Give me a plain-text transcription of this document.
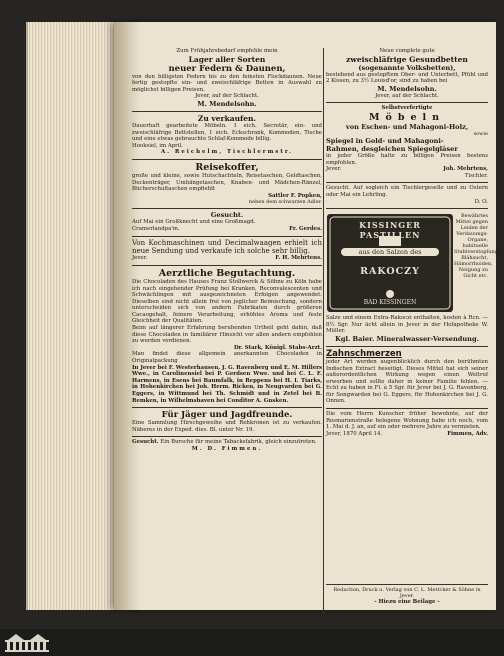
Zum Frühjahrsbedarf empfehle mein
Lager aller Sorten
neuer Federn & Daunen,
von den billigsten Federn bis zu den feinsten Flockdaunen. Neue fertig gestopfte ein- und zweischläfrige Betten in Auswahl zu möglichst billigen Preisen.
Jever, auf der Schlacht.
M. Mendelsohn.
Zu verkaufen.
Dauerhaft gearbeitete Möbeln. 1 eich. Secretär, ein- und zweischläfrige Bettstellen, 1 eich. Eckschrank, Kommoden, Tische und eine etwas gebrauchte Schlaf-Kommode billig.
Hooksiel, im April.
A. Reichelm, Tischlermstr.
Reisekoffer,
große und kleine, sowie Hutschachteln, Reisetaschen, Geldtaschen, Deckenträger, Umhängetaschen, Knaben- und Mädchen-Ränzel, Bücherschultaschen empfiehlt
Sattler F. Popken,
neben dem schwarzen Adler.
Gesucht.
Auf Mai ein Großknecht und eine Großmagd.
Cramerlandpa'm.	Fr. Gerdes.
Von Kochmaschinen und Decimalwaagen erhielt ich neue Sendung und verkaufe ich solche sehr billig.
Jever.	F. H. Mehrtens.
Aerztliche Begutachtung.
Die Chocoladen des Hauses Franz Stollwerck & Söhne zu Köln habe ich nach eingehender Prüfung bei Kranken, Reconvalescenten und Schwächlingen mit ausgezeichneten Erfolgen angewendet. Dieselben sind nicht allein frei von jeglicher Beimischung, sondern unterscheiden sich von andern Fabrikaten durch größeren Cacaogehalt, feinere Verarbeitung, erhöhtes Aroma und feste Gleichheit der Qualitäten.
Beim auf längerer Erfahrung beruhenden Urtheil geht dahin, daß diese Chocoladen in familiärer Hinsicht vor allen andern empfohlen zu werden verdienen.
Dr. Stark, Königl. Stabs-Arzt.
Man findet diese allgemein anerkannten Chocoladen in Originalpackung
In Jever bei F. Westerhausen, J. G. Ravenberg und E. M. Hillers Wwe., in Carolinensiel bei P. Gerdsen Wwe. und bei C. L. F. Harmens, in Esens bei Baumfalk, in Reppens bei H. I. Tiarks, in Hohenkirchen bei Joh. Herm. Ricken, in Neugvarden bei G. Eggers, in Wittmund bei Th. Schmidt und in Zetel bei B. Remken, in Wilhelmshaven bei Conditor A. Gnsken.
Für Jäger und Jagdfreunde.
Eine Sammlung Hirschgeweihe und Rehkronen ist zu verkaufen. Näheres in der Exped. dies. Bl. unter Nr. 19.
Gesucht. Ein Bursche für meine Tabacksfabrik, gleich einzutreten.
M. D. Fimmen.
Neue complete gute
zweischläfrige Gesundbetten
(sogenannte Volksbetten),
bestehend aus gestopftem Ober- und Unterbett, Pfühl und 2 Kissen, zu 3½ Louisd'or, sind zu haben bei
M. Mendelsohn.
Jever, auf der Schlacht.
Selbstverfertigte
Möbeln
von Eschen- und Mahagoni-Holz,
sowie
Spiegel in Gold- und Mahagoni-
Rahmen, desgleichen Spiegelgläser
in jeder Größe halte zu billigen Preisen bestens empfohlen.
Jever.	Joh. Mehrtens,
Tischler.
Gesucht. Auf sogleich ein Tischlergeselle und zu Ostern oder Mai ein Lehrling.
D. O.
KISSINGER PASTILLEN
aus den Salzen des
RAKOCZY
BAD KISSINGEN
Bewährtes Mittel gegen Leiden der Verdauungs-Organe, habituelle Stuhlverstopfung, Blähsucht, Hämorrhoiden, Neigung zu Gicht etc.
Salze und einem Extra-Rakoczi enthalten, kosten à Rcn. — 8½ Sgr. Nur ächt allein in Jever in der Hofapotheke W. Müller.
Kgl. Baier. Mineralwasser-Versendung.
Zahnschmerzen
jeder Art werden augenblicklich durch den berühmten Indischen Extract beseitigt. Dieses Mittel hat sich seiner außerordentlichen Wirkung wegen einen Weltruf erworben und sollte daher in keiner Familie fehlen. — Echt zu haben in Fl. à 5 Sgr. für Jever bei J. G. Ravenberg, für Songwarden bei G. Eggers, für Hohenkirchen bei J. G. Onnen.
Die vom Herrn Kunscher früher bewohnte, auf der Rosmarienstraße belegene Wohnung habe ich noch, vom 1. Mai d. J. an, auf ein oder mehrere Jahre zu vermieten.
Jever, 1870 April 14.	Fimmen, Adv.
Redaction, Druck u. Verlag von C. L. Mettcker & Söhne in Jever.
- Hiezu eine Beilage -
